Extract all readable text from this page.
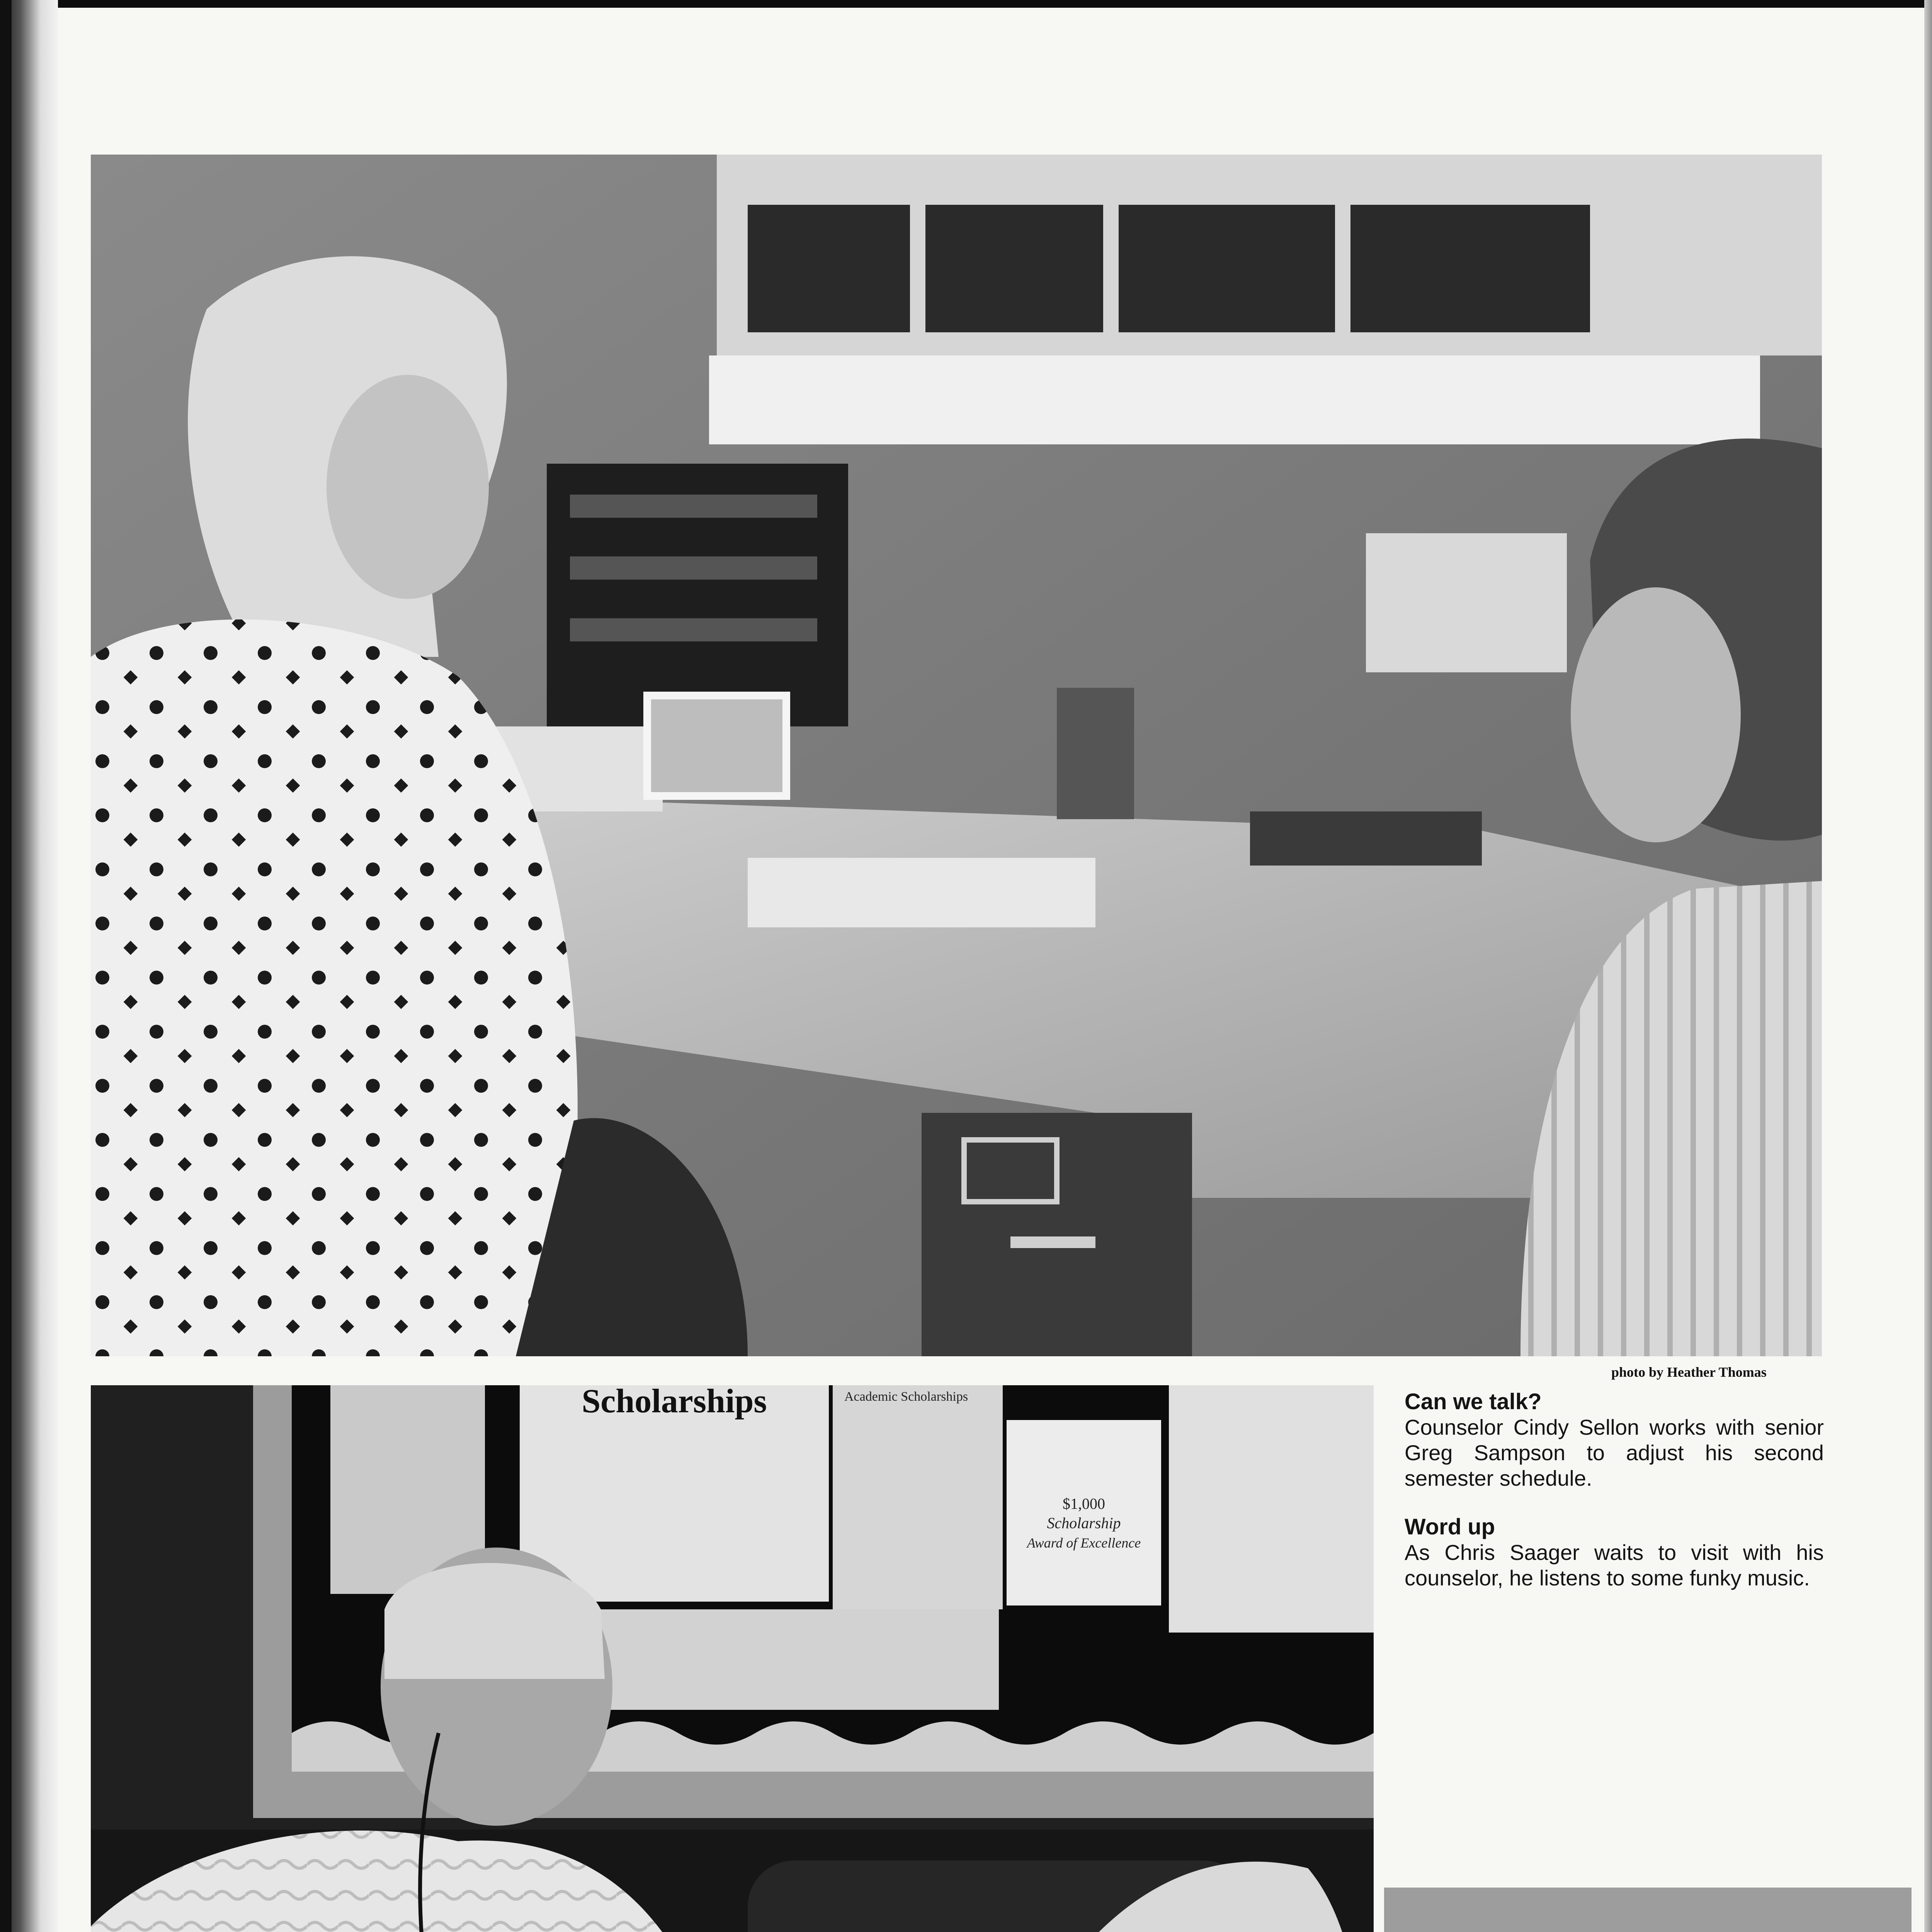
photo by Heather Thomas
Scholarships	Academic Scholarships
$1,000
Scholarship
Award of Excellence

Can we talk?

Counselor Cindy Sellon works with senior Greg Sampson to adjust his second semester schedule.

Word up

As Chris Saager waits to visit with his counselor, he listens to some funky music.
